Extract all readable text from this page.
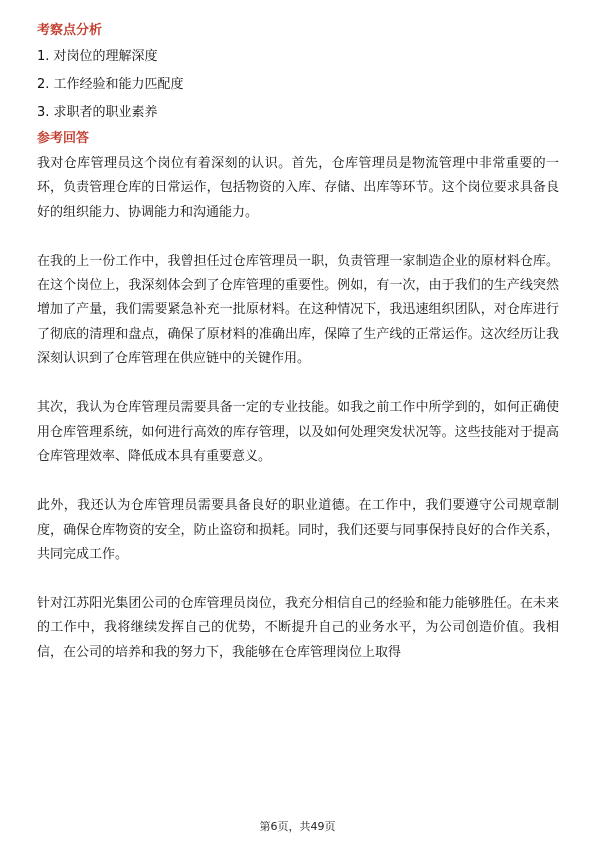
考察点分析
1. 对岗位的理解深度
2. 工作经验和能力匹配度
3. 求职者的职业素养
参考回答

我对仓库管理员这个岗位有着深刻的认识。首先，仓库管理员是物流管理中非常重要的一环，负责管理仓库的日常运作，包括物资的入库、存储、出库等环节。这个岗位要求具备良好的组织能力、协调能力和沟通能力。

在我的上一份工作中，我曾担任过仓库管理员一职，负责管理一家制造企业的原材料仓库。在这个岗位上，我深刻体会到了仓库管理的重要性。例如，有一次，由于我们的生产线突然增加了产量，我们需要紧急补充一批原材料。在这种情况下，我迅速组织团队，对仓库进行了彻底的清理和盘点，确保了原材料的准确出库，保障了生产线的正常运作。这次经历让我深刻认识到了仓库管理在供应链中的关键作用。

其次，我认为仓库管理员需要具备一定的专业技能。如我之前工作中所学到的，如何正确使用仓库管理系统，如何进行高效的库存管理，以及如何处理突发状况等。这些技能对于提高仓库管理效率、降低成本具有重要意义。

此外，我还认为仓库管理员需要具备良好的职业道德。在工作中，我们要遵守公司规章制度，确保仓库物资的安全，防止盗窃和损耗。同时，我们还要与同事保持良好的合作关系，共同完成工作。

针对江苏阳光集团公司的仓库管理员岗位，我充分相信自己的经验和能力能够胜任。在未来的工作中，我将继续发挥自己的优势，不断提升自己的业务水平，为公司创造价值。我相信，在公司的培养和我的努力下，我能够在仓库管理岗位上取得

第6页，共49页
